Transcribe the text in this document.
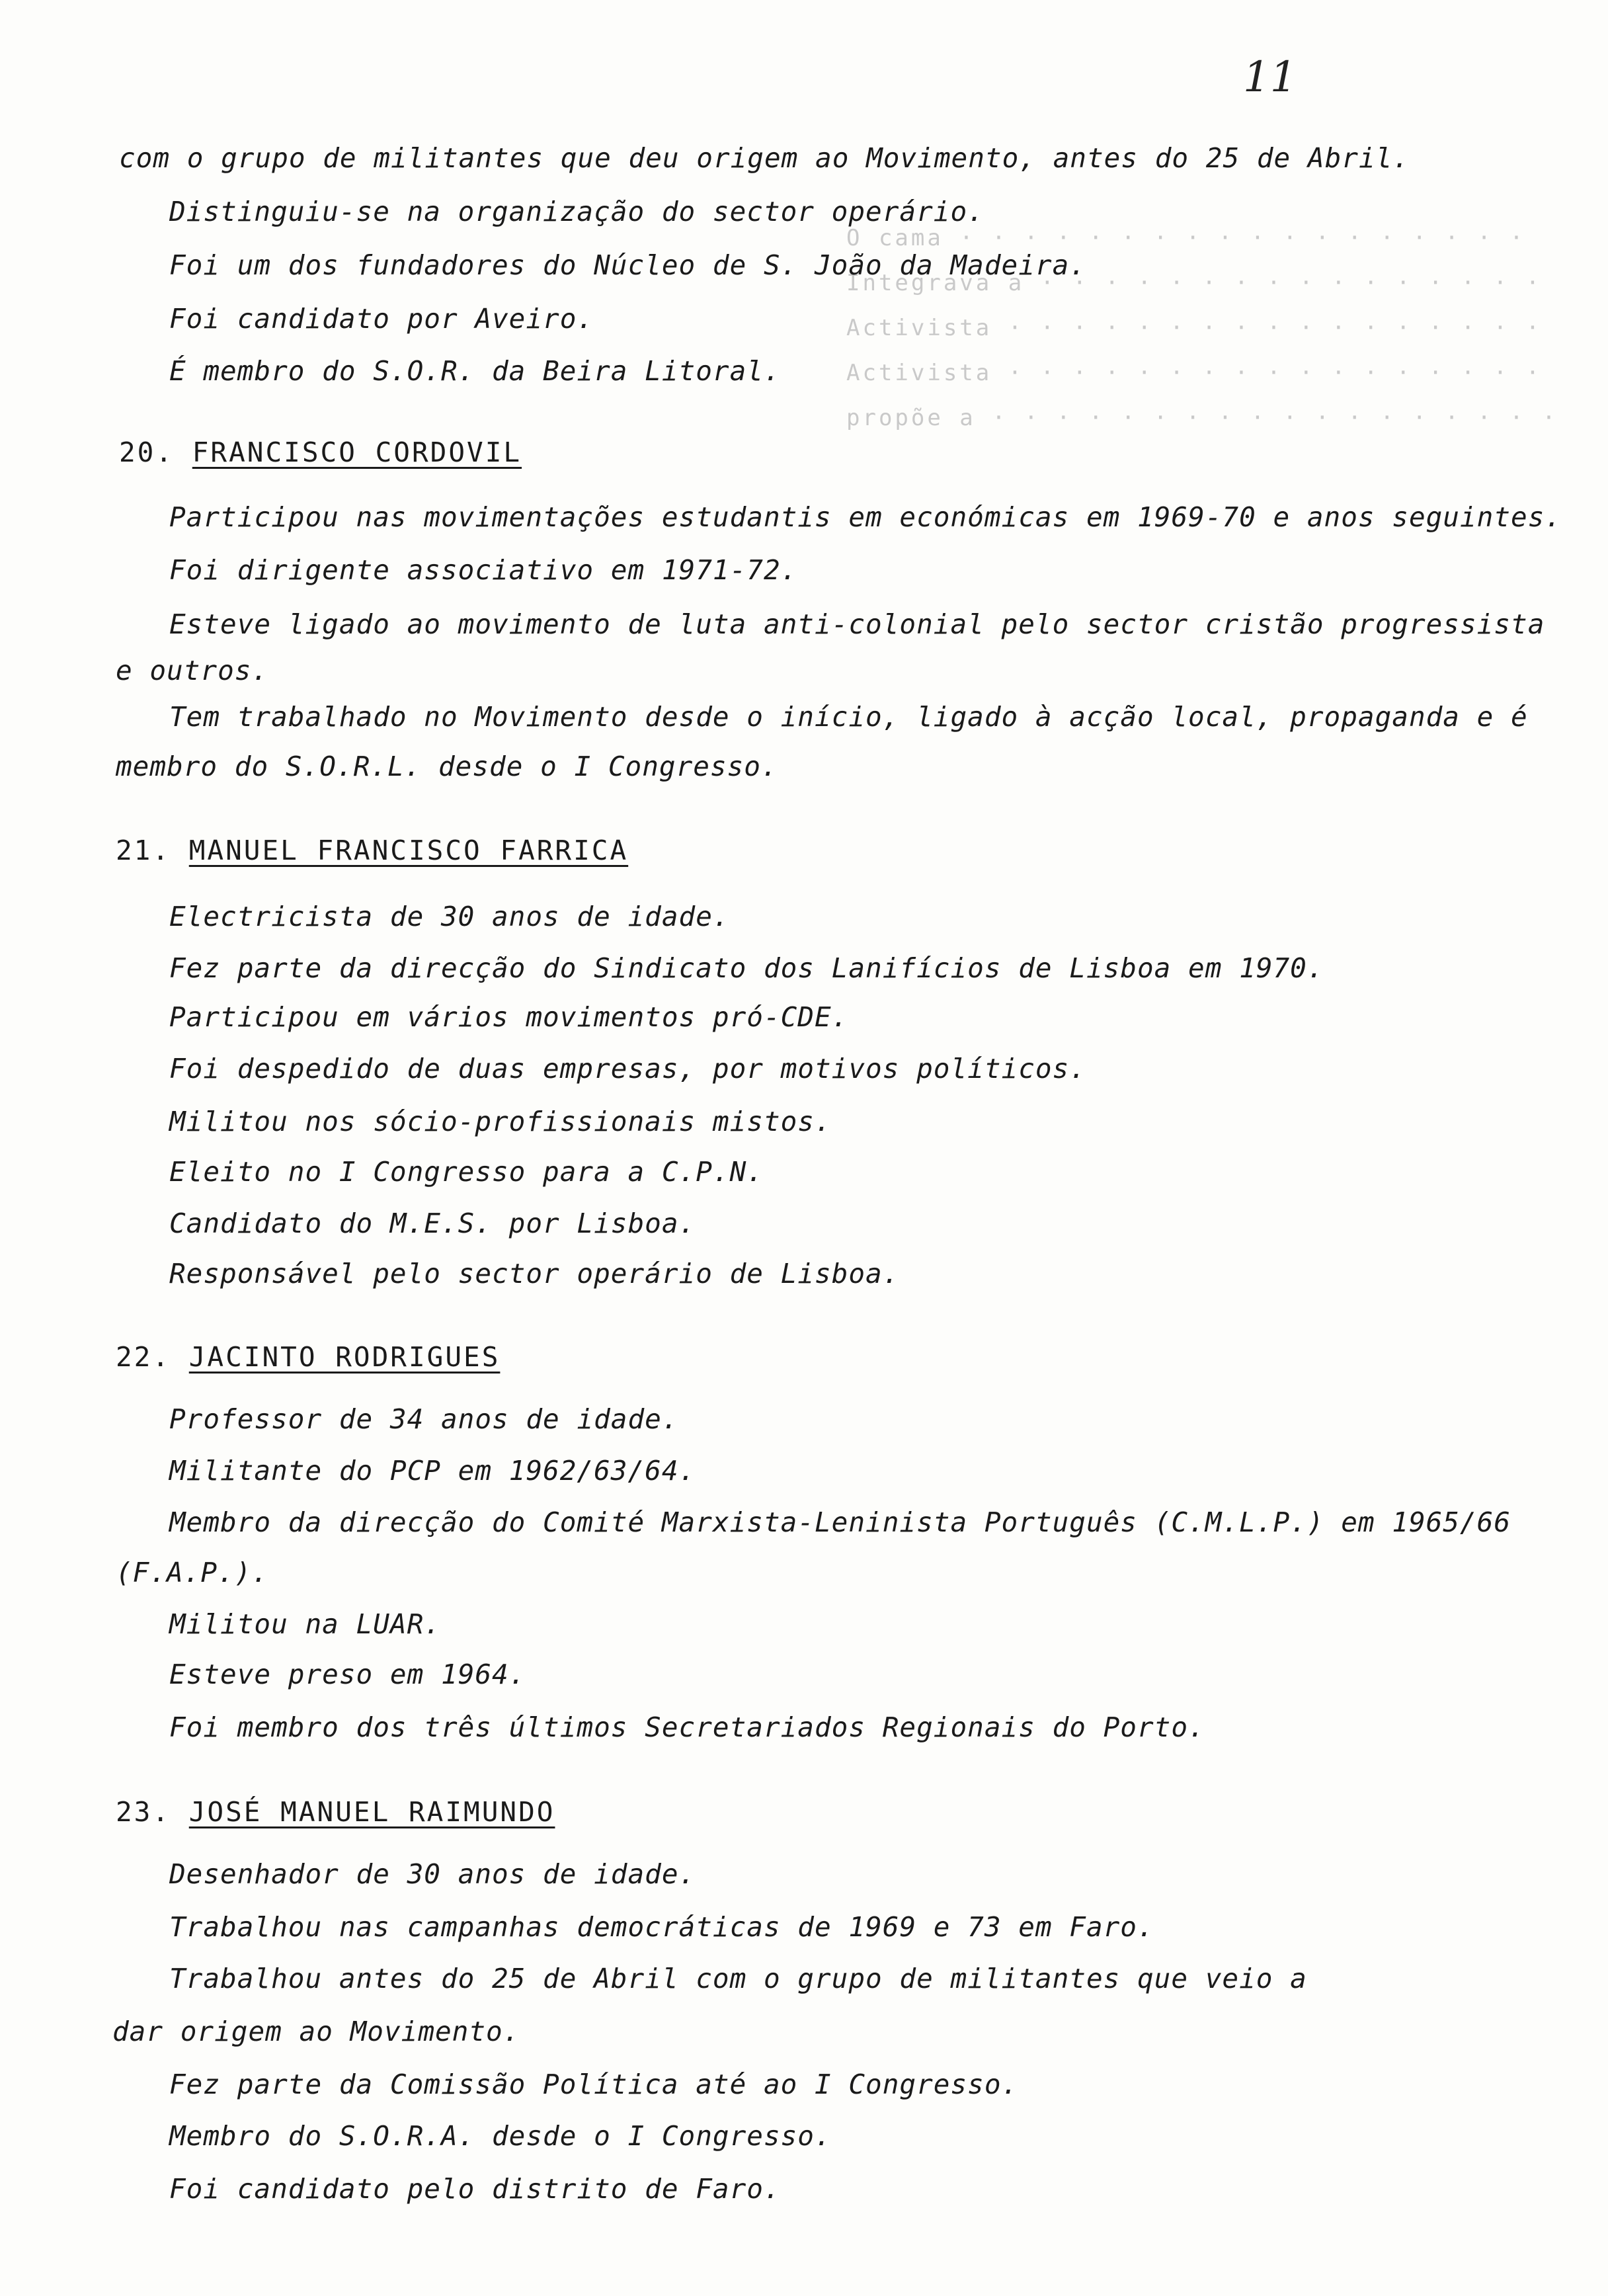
11
O cama · · · · · · · · · · · · · · · · · ·
Integrava a · · · · · · · · · · · · · · · ·
Activista · · · · · · · · · · · · · · · · ·
Activista · · · · · · · · · · · · · · · · ·
propõe a · · · · · · · · · · · · · · · · · ·
com o grupo de militantes que deu origem ao Movimento, antes do 25 de Abril.
Distinguiu-se na organização do sector operário.
Foi um dos fundadores do Núcleo de S. João da Madeira.
Foi candidato por Aveiro.
É membro do S.O.R. da Beira Litoral.
20. FRANCISCO CORDOVIL
Participou nas movimentações estudantis em económicas em 1969-70 e anos seguintes.
Foi dirigente associativo em 1971-72.
Esteve ligado ao movimento de luta anti-colonial pelo sector cristão progressista
e outros.
Tem trabalhado no Movimento desde o início, ligado à acção local, propaganda e é
membro do S.O.R.L. desde o I Congresso.
21. MANUEL FRANCISCO FARRICA
Electricista de 30 anos de idade.
Fez parte da direcção do Sindicato dos Lanifícios de Lisboa em 1970.
Participou em vários movimentos pró-CDE.
Foi despedido de duas empresas, por motivos políticos.
Militou nos sócio-profissionais mistos.
Eleito no I Congresso para a C.P.N.
Candidato do M.E.S. por Lisboa.
Responsável pelo sector operário de Lisboa.
22. JACINTO RODRIGUES
Professor de 34 anos de idade.
Militante do PCP em 1962/63/64.
Membro da direcção do Comité Marxista-Leninista Português (C.M.L.P.) em 1965/66
(F.A.P.).
Militou na LUAR.
Esteve preso em 1964.
Foi membro dos três últimos Secretariados Regionais do Porto.
23. JOSÉ MANUEL RAIMUNDO
Desenhador de 30 anos de idade.
Trabalhou nas campanhas democráticas de 1969 e 73 em Faro.
Trabalhou antes do 25 de Abril com o grupo de militantes que veio a
dar origem ao Movimento.
Fez parte da Comissão Política até ao I Congresso.
Membro do S.O.R.A. desde o I Congresso.
Foi candidato pelo distrito de Faro.
